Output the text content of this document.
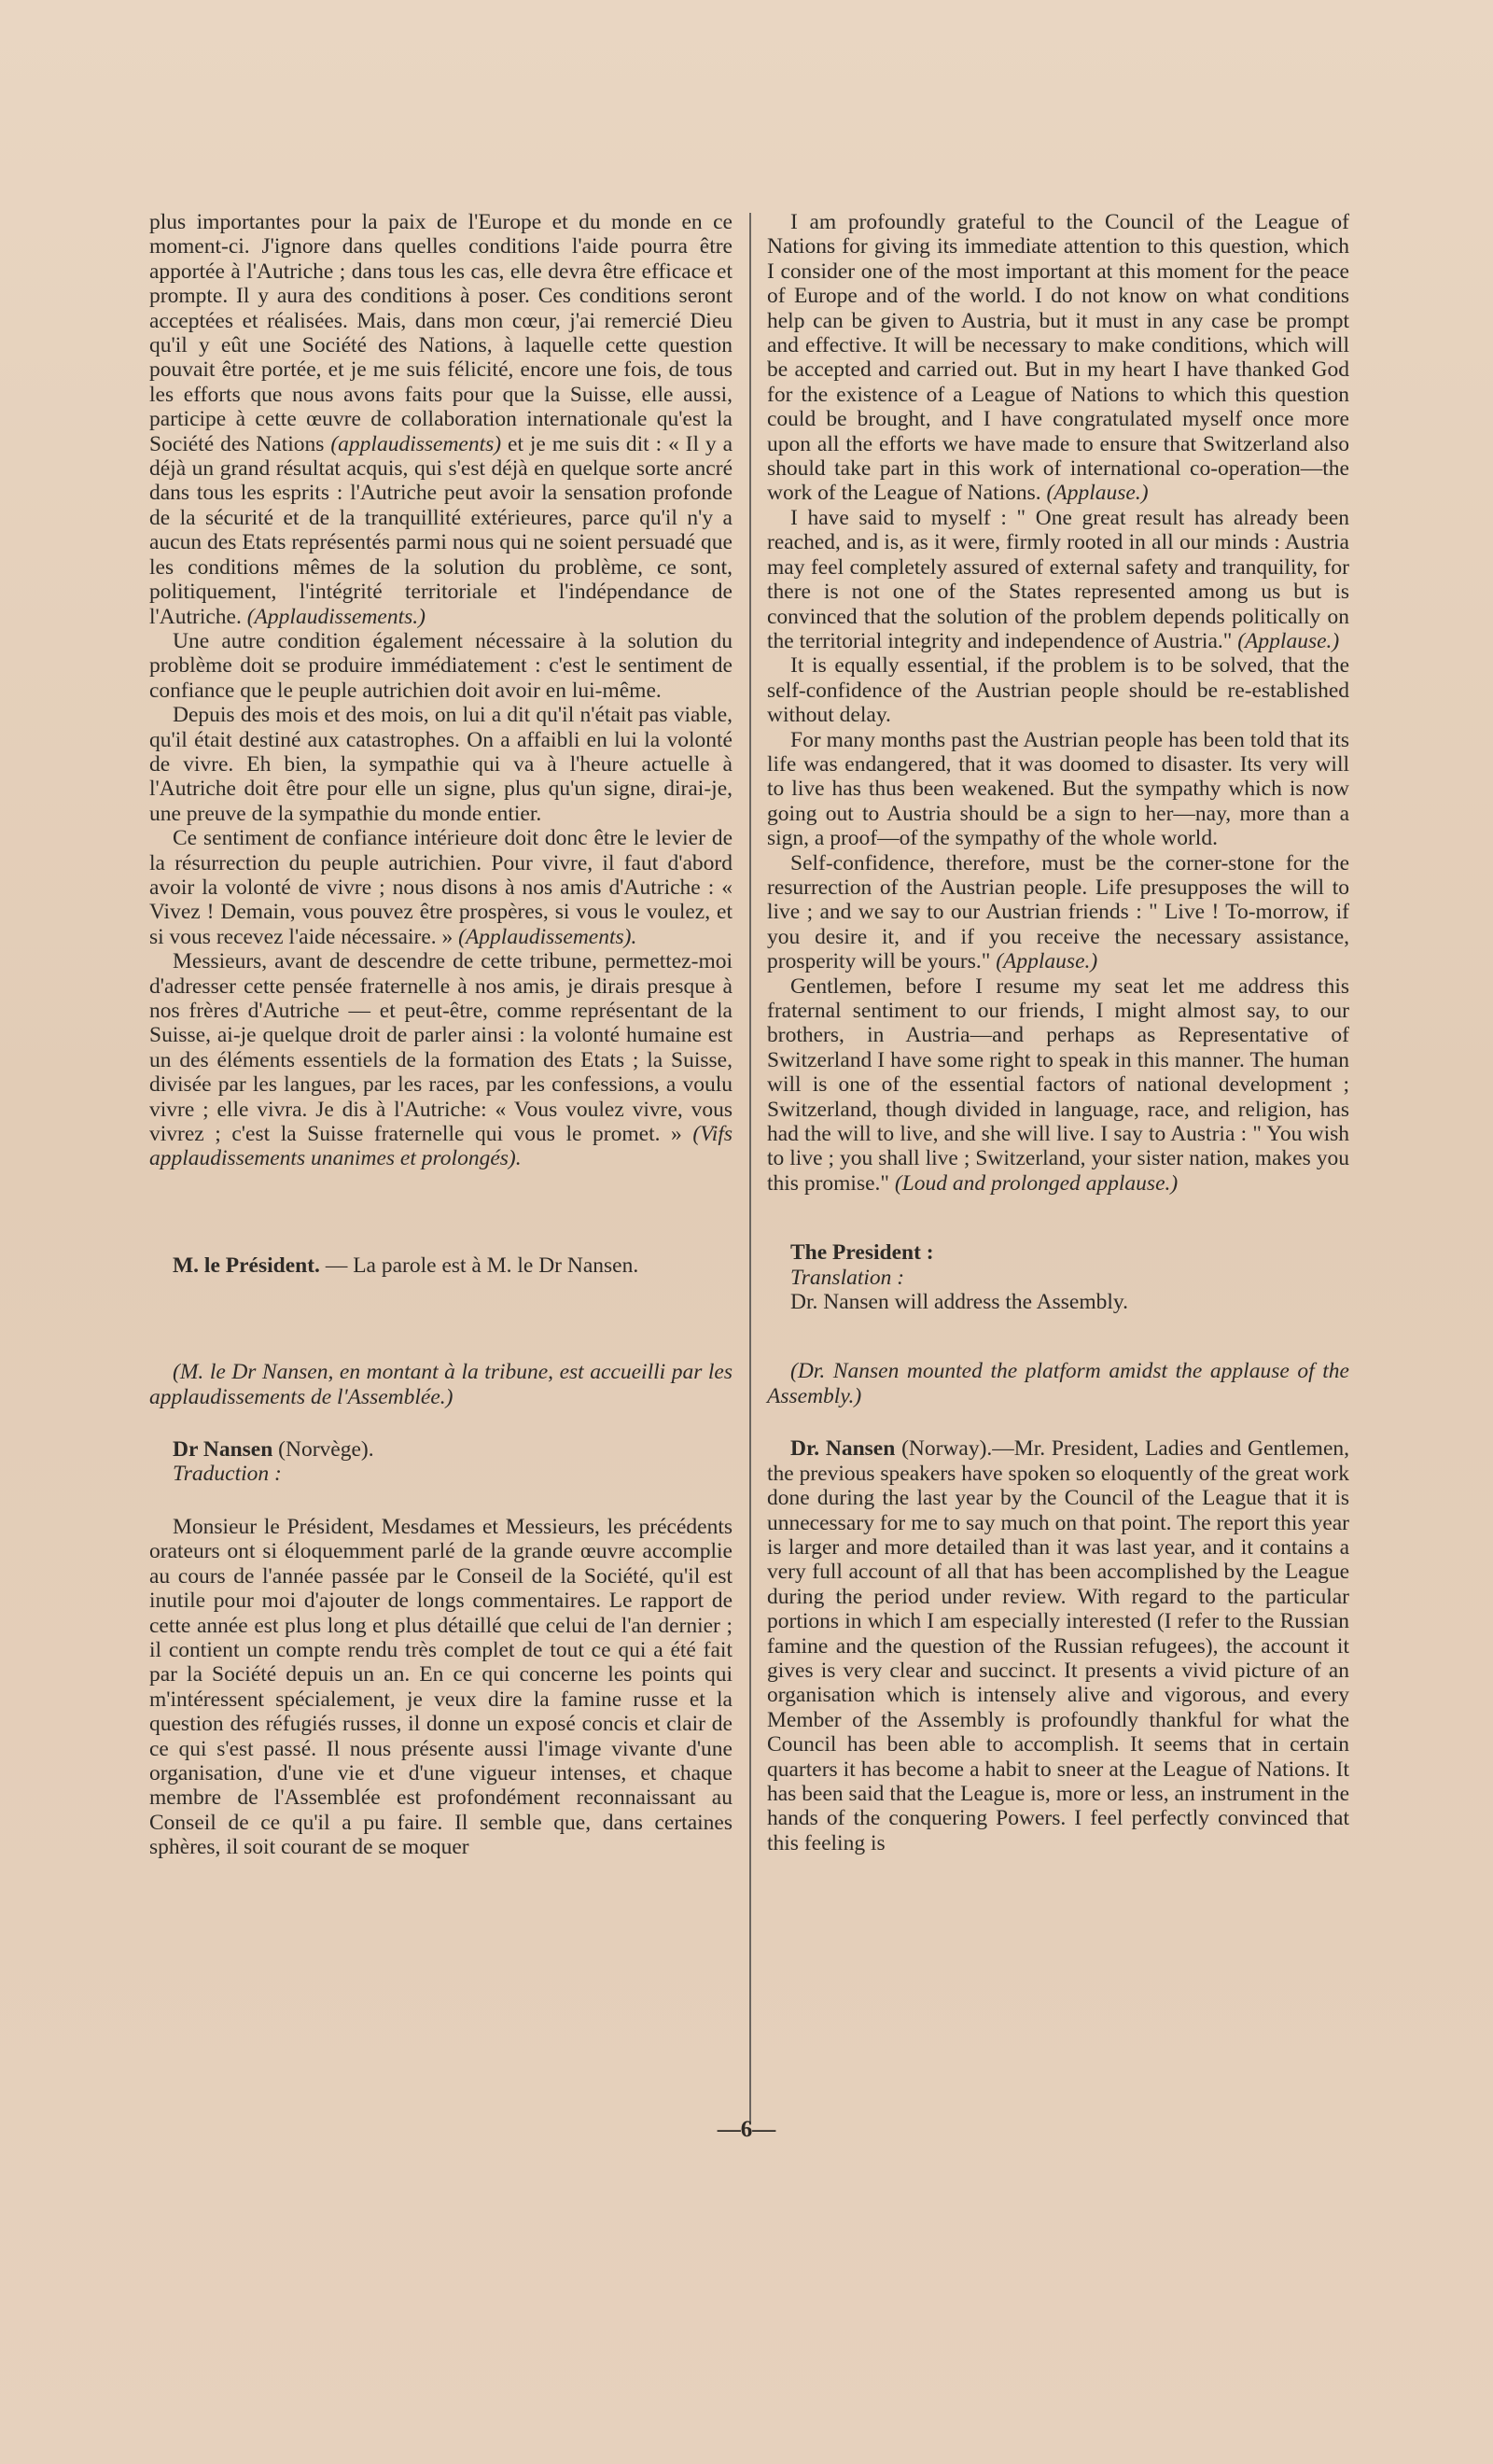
plus importantes pour la paix de l'Europe et du monde en ce moment-ci. J'ignore dans quelles conditions l'aide pourra être apportée à l'Autriche ; dans tous les cas, elle devra être efficace et prompte. Il y aura des conditions à poser. Ces conditions seront acceptées et réalisées. Mais, dans mon cœur, j'ai remercié Dieu qu'il y eût une Société des Nations, à laquelle cette question pouvait être portée, et je me suis félicité, encore une fois, de tous les efforts que nous avons faits pour que la Suisse, elle aussi, participe à cette œuvre de collaboration internationale qu'est la Société des Nations (applaudissements) et je me suis dit : « Il y a déjà un grand résultat acquis, qui s'est déjà en quelque sorte ancré dans tous les esprits : l'Autriche peut avoir la sensation profonde de la sécurité et de la tranquillité extérieures, parce qu'il n'y a aucun des Etats représentés parmi nous qui ne soient persuadé que les conditions mêmes de la solution du problème, ce sont, politiquement, l'intégrité territoriale et l'indépendance de l'Autriche. (Applaudissements.)

Une autre condition également nécessaire à la solution du problème doit se produire immédiatement : c'est le sentiment de confiance que le peuple autrichien doit avoir en lui-même.

Depuis des mois et des mois, on lui a dit qu'il n'était pas viable, qu'il était destiné aux catastrophes. On a affaibli en lui la volonté de vivre. Eh bien, la sympathie qui va à l'heure actuelle à l'Autriche doit être pour elle un signe, plus qu'un signe, dirai-je, une preuve de la sympathie du monde entier.

Ce sentiment de confiance intérieure doit donc être le levier de la résurrection du peuple autrichien. Pour vivre, il faut d'abord avoir la volonté de vivre ; nous disons à nos amis d'Autriche : « Vivez ! Demain, vous pouvez être prospères, si vous le voulez, et si vous recevez l'aide nécessaire. » (Applaudissements).

Messieurs, avant de descendre de cette tribune, permettez-moi d'adresser cette pensée fraternelle à nos amis, je dirais presque à nos frères d'Autriche — et peut-être, comme représentant de la Suisse, ai-je quelque droit de parler ainsi : la volonté humaine est un des éléments essentiels de la formation des Etats ; la Suisse, divisée par les langues, par les races, par les confessions, a voulu vivre ; elle vivra. Je dis à l'Autriche: « Vous voulez vivre, vous vivrez ; c'est la Suisse fraternelle qui vous le promet. » (Vifs applaudissements unanimes et prolongés).

M. le Président. — La parole est à M. le Dr Nansen.

(M. le Dr Nansen, en montant à la tribune, est accueilli par les applaudissements de l'Assemblée.)

Dr Nansen (Norvège).

Traduction :

Monsieur le Président, Mesdames et Messieurs, les précédents orateurs ont si éloquemment parlé de la grande œuvre accomplie au cours de l'année passée par le Conseil de la Société, qu'il est inutile pour moi d'ajouter de longs commentaires. Le rapport de cette année est plus long et plus détaillé que celui de l'an dernier ; il contient un compte rendu très complet de tout ce qui a été fait par la Société depuis un an. En ce qui concerne les points qui m'intéressent spécialement, je veux dire la famine russe et la question des réfugiés russes, il donne un exposé concis et clair de ce qui s'est passé. Il nous présente aussi l'image vivante d'une organisation, d'une vie et d'une vigueur intenses, et chaque membre de l'Assemblée est profondément reconnaissant au Conseil de ce qu'il a pu faire. Il semble que, dans certaines sphères, il soit courant de se moquer

I am profoundly grateful to the Council of the League of Nations for giving its immediate attention to this question, which I consider one of the most important at this moment for the peace of Europe and of the world. I do not know on what conditions help can be given to Austria, but it must in any case be prompt and effective. It will be necessary to make conditions, which will be accepted and carried out. But in my heart I have thanked God for the existence of a League of Nations to which this question could be brought, and I have congratulated myself once more upon all the efforts we have made to ensure that Switzerland also should take part in this work of international co-operation—the work of the League of Nations. (Applause.)

I have said to myself : " One great result has already been reached, and is, as it were, firmly rooted in all our minds : Austria may feel completely assured of external safety and tranquility, for there is not one of the States represented among us but is convinced that the solution of the problem depends politically on the territorial integrity and independence of Austria." (Applause.)

It is equally essential, if the problem is to be solved, that the self-confidence of the Austrian people should be re-established without delay.

For many months past the Austrian people has been told that its life was endangered, that it was doomed to disaster. Its very will to live has thus been weakened. But the sympathy which is now going out to Austria should be a sign to her—nay, more than a sign, a proof—of the sympathy of the whole world.

Self-confidence, therefore, must be the corner-stone for the resurrection of the Austrian people. Life presupposes the will to live ; and we say to our Austrian friends : " Live ! To-morrow, if you desire it, and if you receive the necessary assistance, prosperity will be yours." (Applause.)

Gentlemen, before I resume my seat let me address this fraternal sentiment to our friends, I might almost say, to our brothers, in Austria—and perhaps as Representative of Switzerland I have some right to speak in this manner. The human will is one of the essential factors of national development ; Switzerland, though divided in language, race, and religion, has had the will to live, and she will live. I say to Austria : " You wish to live ; you shall live ; Switzerland, your sister nation, makes you this promise." (Loud and prolonged applause.)

The President :

Translation :

Dr. Nansen will address the Assembly.

(Dr. Nansen mounted the platform amidst the applause of the Assembly.)

Dr. Nansen (Norway).—Mr. President, Ladies and Gentlemen, the previous speakers have spoken so eloquently of the great work done during the last year by the Council of the League that it is unnecessary for me to say much on that point. The report this year is larger and more detailed than it was last year, and it contains a very full account of all that has been accomplished by the League during the period under review. With regard to the particular portions in which I am especially interested (I refer to the Russian famine and the question of the Russian refugees), the account it gives is very clear and succinct. It presents a vivid picture of an organisation which is intensely alive and vigorous, and every Member of the Assembly is profoundly thankful for what the Council has been able to accomplish. It seems that in certain quarters it has become a habit to sneer at the League of Nations. It has been said that the League is, more or less, an instrument in the hands of the conquering Powers. I feel perfectly convinced that this feeling is

—6—
